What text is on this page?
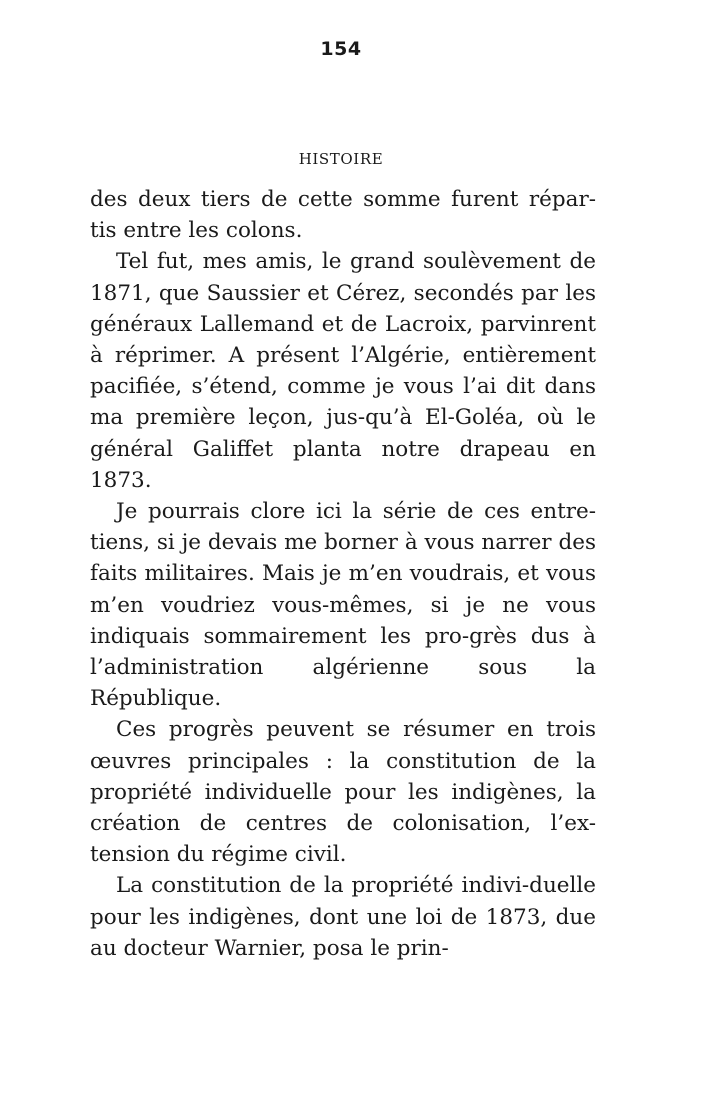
154
HISTOIRE

des deux tiers de cette somme furent répar-tis entre les colons.

Tel fut, mes amis, le grand soulèvement de 1871, que Saussier et Cérez, secondés par les généraux Lallemand et de Lacroix, parvinrent à réprimer. A présent l’Algérie, entièrement pacifiée, s’étend, comme je vous l’ai dit dans ma première leçon, jus-qu’à El-Goléa, où le général Galiffet planta notre drapeau en 1873.

Je pourrais clore ici la série de ces entre-tiens, si je devais me borner à vous narrer des faits militaires. Mais je m’en voudrais, et vous m’en voudriez vous-mêmes, si je ne vous indiquais sommairement les pro-grès dus à l’administration algérienne sous la République.

Ces progrès peuvent se résumer en trois œuvres principales : la constitution de la propriété individuelle pour les indigènes, la création de centres de colonisation, l’ex-tension du régime civil.

La constitution de la propriété indivi-duelle pour les indigènes, dont une loi de 1873, due au docteur Warnier, posa le prin-
